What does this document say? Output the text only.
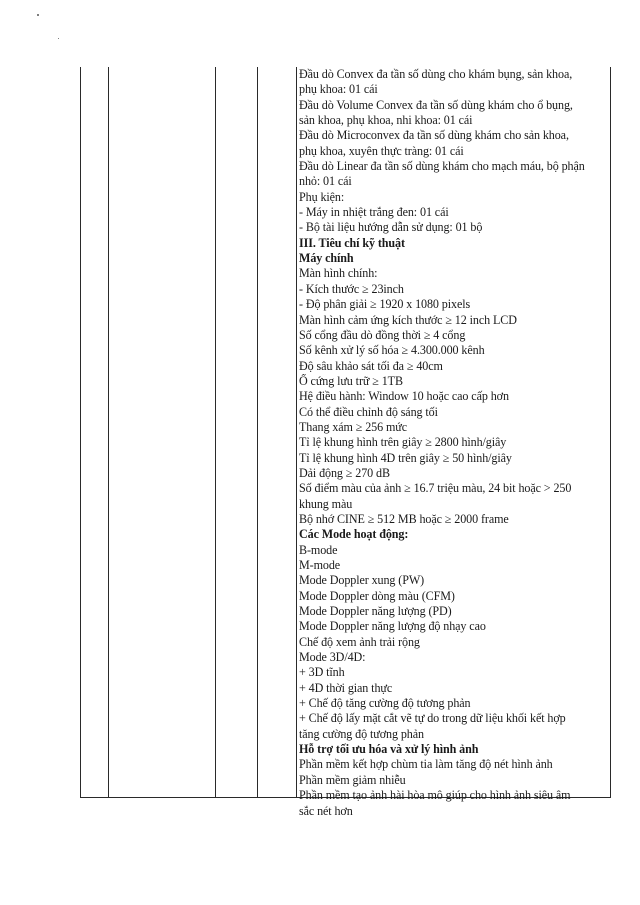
Đầu dò Convex đa tần số dùng cho khám bụng, sản khoa,
phụ khoa: 01 cái
Đầu dò Volume Convex đa tần số dùng khám cho ổ bụng,
sản khoa, phụ khoa, nhi khoa: 01 cái
Đầu dò Microconvex đa tần số dùng khám cho sản khoa,
phụ khoa, xuyên thực tràng: 01 cái
Đầu dò Linear đa tần số dùng khám cho mạch máu, bộ phận
nhỏ: 01 cái
Phụ kiện:
- Máy in nhiệt trắng đen: 01 cái
- Bộ tài liệu hướng dẫn sử dụng: 01 bộ
III. Tiêu chí kỹ thuật
Máy chính
Màn hình chính:
- Kích thước ≥ 23inch
- Độ phân giải ≥ 1920 x 1080 pixels
Màn hình cảm ứng kích thước ≥ 12 inch LCD
Số cổng đầu dò đồng thời ≥ 4 cổng
Số kênh xử lý số hóa ≥ 4.300.000 kênh
Độ sâu khảo sát tối đa ≥ 40cm
Ổ cứng lưu trữ ≥ 1TB
Hệ điều hành: Window 10 hoặc cao cấp hơn
Có thể điều chỉnh độ sáng tối
Thang xám ≥ 256 mức
Tỉ lệ khung hình trên giây ≥ 2800 hình/giây
Tỉ lệ khung hình 4D trên giây ≥ 50 hình/giây
Dải động ≥ 270 dB
Số điểm màu của ảnh ≥ 16.7 triệu màu, 24 bit hoặc > 250
khung màu
Bộ nhớ CINE ≥ 512 MB hoặc ≥ 2000 frame
Các Mode hoạt động:
B-mode
M-mode
Mode Doppler xung (PW)
Mode Doppler dòng màu (CFM)
Mode Doppler năng lượng (PD)
Mode Doppler năng lượng độ nhạy cao
Chế độ xem ảnh trải rộng
Mode 3D/4D:
+ 3D tĩnh
+ 4D thời gian thực
+ Chế độ tăng cường độ tương phản
+ Chế độ lấy mặt cắt vẽ tự do trong dữ liệu khối kết hợp
tăng cường độ tương phản
Hỗ trợ tối ưu hóa và xử lý hình ảnh
Phần mềm kết hợp chùm tia làm tăng độ nét hình ảnh
Phần mềm giảm nhiễu
Phần mềm tạo ảnh hài hòa mô giúp cho hình ảnh siêu âm
sắc nét hơn
